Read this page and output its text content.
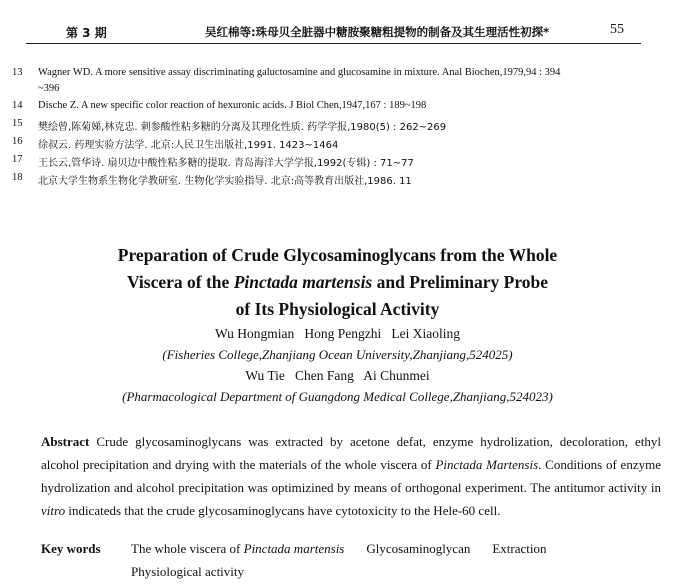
第 3 期	吴红棉等:珠母贝全脏器中糖胺聚糖粗提物的制备及其生理活性初探*	55
13 Wagner WD. A more sensitive assay discriminating galuctosamine and glucosamine in mixture. Anal Biochen,1979,94 : 394
~396
14 Dische Z. A new specific color reaction of hexuronic acids. J Biol Chen,1947,167 : 189~198
15 樊绘曾,陈菊娣,林克忠. 刺参酸性粘多糖的分离及其理化性质. 药学学报,1980(5) : 262~269
16 徐叔云. 药理实验方法学. 北京:人民卫生出版社,1991. 1423~1464
17 王长云,管华诗. 扇贝边中酸性粘多糖的提取. 青岛海洋大学学报,1992(专辑) : 71~77
18 北京大学生物系生物化学教研室. 生物化学实验指导. 北京:高等教育出版社,1986. 11
Preparation of Crude Glycosaminoglycans from the Whole
Viscera of the Pinctada martensis and Preliminary Probe
of Its Physiological Activity
Wu Hongmian   Hong Pengzhi   Lei Xiaoling
(Fisheries College,Zhanjiang Ocean University,Zhanjiang,524025)
Wu Tie   Chen Fang   Ai Chunmei
(Pharmacological Department of Guangdong Medical College,Zhanjiang,524023)
Abstract Crude glycosaminoglycans was extracted by acetone defat, enzyme hydrolization, decoloration, ethyl alcohol precipitation and drying with the materials of the whole viscera of Pinctada Martensis. Conditions of enzyme hydrolization and alcohol precipitation was optimizined by means of orthogonal experiment. The antitumor activity in vitro indicateds that the crude glycosaminoglycans have cytotoxicity to the Hele-60 cell.
Key words The whole viscera of Pinctada martensis Glycosaminoglycan Extraction
Physiological activity
